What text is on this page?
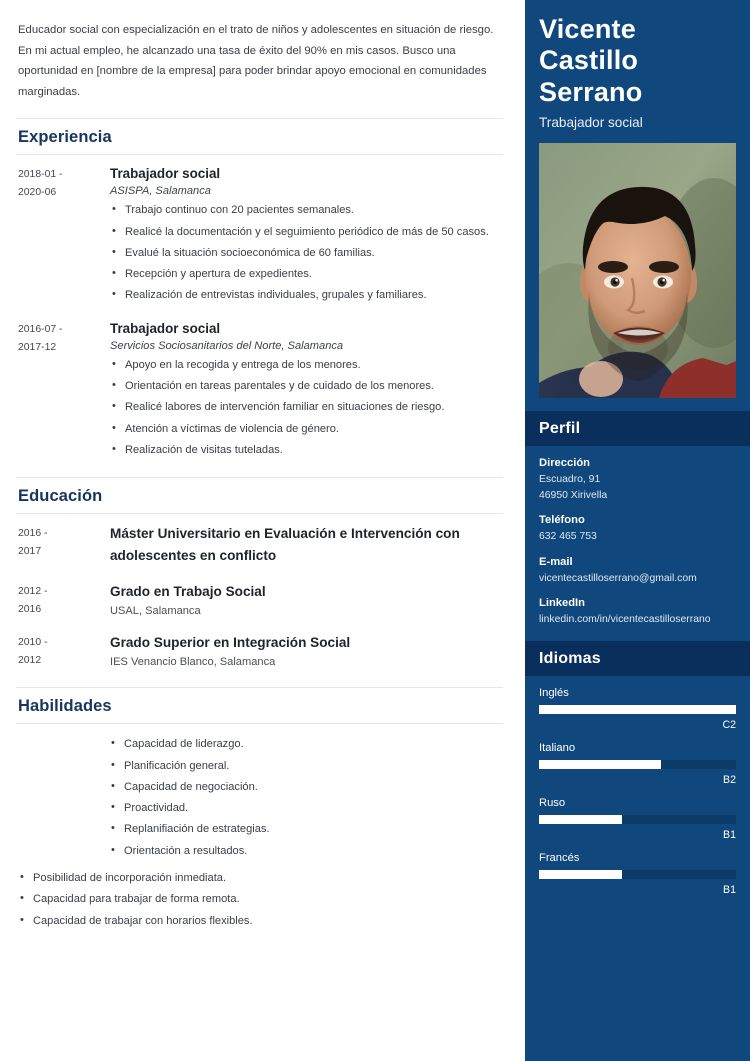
Educador social con especialización en el trato de niños y adolescentes en situación de riesgo. En mi actual empleo, he alcanzado una tasa de éxito del 90% en mis casos. Busco una oportunidad en [nombre de la empresa] para poder brindar apoyo emocional en comunidades marginadas.

Experiencia
2018-01 -
2020-06
Trabajador social
ASISPA, Salamanca
• Trabajo continuo con 20 pacientes semanales.
• Realicé la documentación y el seguimiento periódico de más de 50 casos.
• Evalué la situación socioeconómica de 60 familias.
• Recepción y apertura de expedientes.
• Realización de entrevistas individuales, grupales y familiares.
2016-07 -
2017-12
Trabajador social
Servicios Sociosanitarios del Norte, Salamanca
• Apoyo en la recogida y entrega de los menores.
• Orientación en tareas parentales y de cuidado de los menores.
• Realicé labores de intervención familiar en situaciones de riesgo.
• Atención a víctimas de violencia de género.
• Realización de visitas tuteladas.
Educación
2016 -
2017
Máster Universitario en Evaluación e Intervención con adolescentes en conflicto
2012 -
2016
Grado en Trabajo Social
USAL, Salamanca
2010 -
2012
Grado Superior en Integración Social
IES Venancio Blanco, Salamanca
Habilidades
• Capacidad de liderazgo.
• Planificación general.
• Capacidad de negociación.
• Proactividad.
• Replanifiación de estrategias.
• Orientación a resultados.
• Posibilidad de incorporación inmediata.
• Capacidad para trabajar de forma remota.
• Capacidad de trabajar con horarios flexibles.
Vicente Castillo Serrano
Trabajador social
Perfil
Dirección
Escuadro, 91
46950 Xirivella
Teléfono
632 465 753
E-mail
vicentecastilloserrano@gmail.com
LinkedIn
linkedin.com/in/vicentecastilloserrano
Idiomas
Inglés
C2
Italiano
B2
Ruso
B1
Francés
B1
